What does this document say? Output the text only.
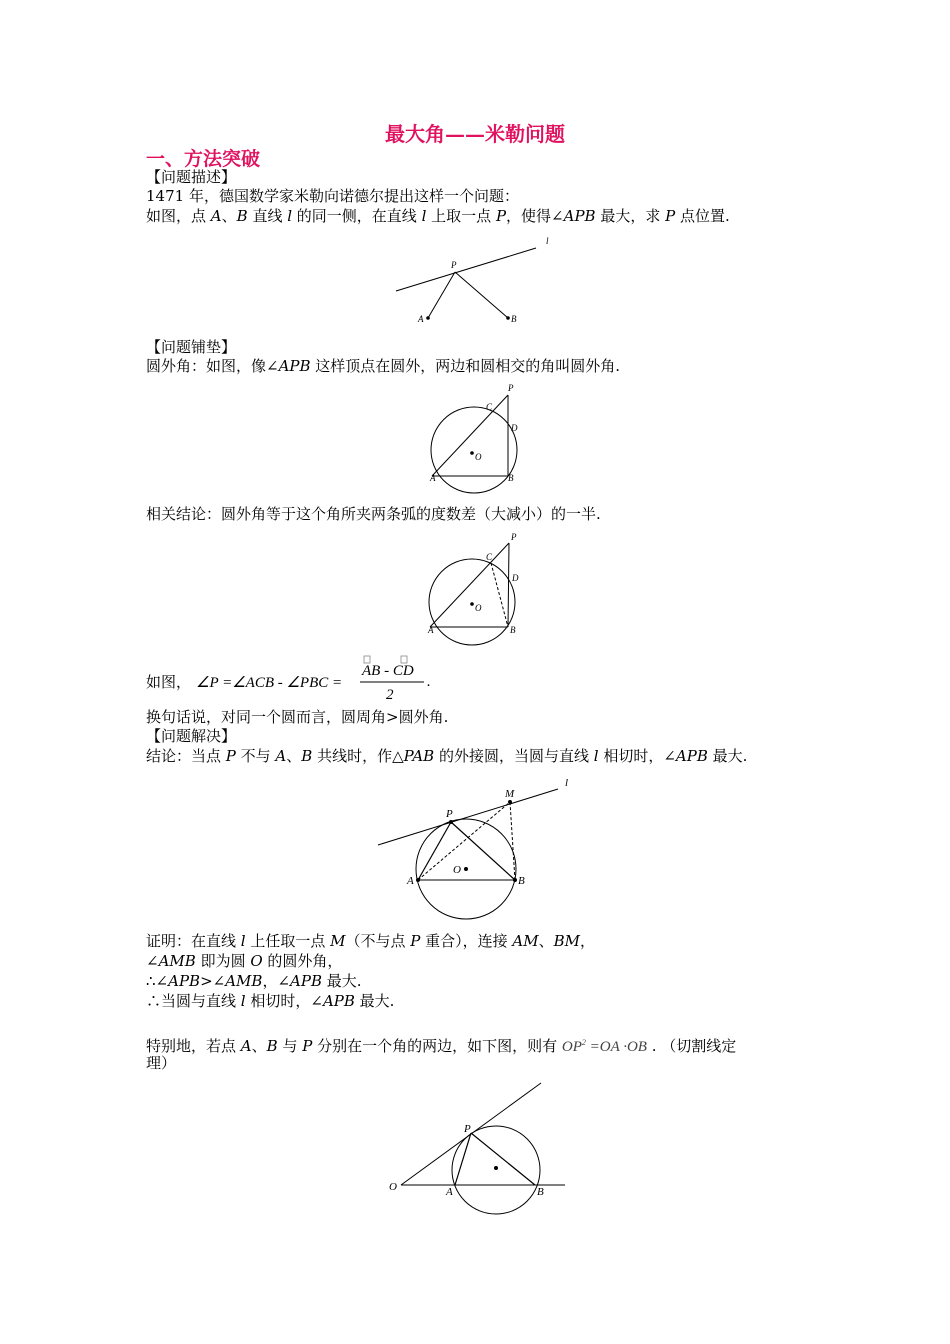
最大角——米勒问题
一、方法突破
【问题描述】
1471 年，德国数学家米勒向诺德尔提出这样一个问题：
如图，点 A、B 直线 l 的同一侧，在直线 l 上取一点 P，使得∠APB 最大，求 P 点位置.
l
P
A	B
【问题铺垫】
圆外角：如图，像∠APB 这样顶点在圆外，两边和圆相交的角叫圆外角.
P
C
D
O
A	B
相关结论：圆外角等于这个角所夹两条弧的度数差（大减小）的一半.
P
C
D
O
A	B
如图， ∠P =∠ACB - ∠PBC =
AB - CD
2
.
换句话说，对同一个圆而言，圆周角>圆外角.
【问题解决】
结论：当点 P 不与 A、B 共线时，作△PAB 的外接圆，当圆与直线 l 相切时，∠APB 最大.
l
M
P
O
A	B
证明：在直线 l 上任取一点 M（不与点 P 重合），连接 AM、BM，
∠AMB 即为圆 O 的圆外角，
∴∠APB>∠AMB，∠APB 最大.
∴当圆与直线 l 相切时，∠APB 最大.
特别地，若点 A、B 与 P 分别在一个角的两边，如下图，则有 $OP^2 =OA \cdot OB$ . （切割线定
理）
O
P
A	B
